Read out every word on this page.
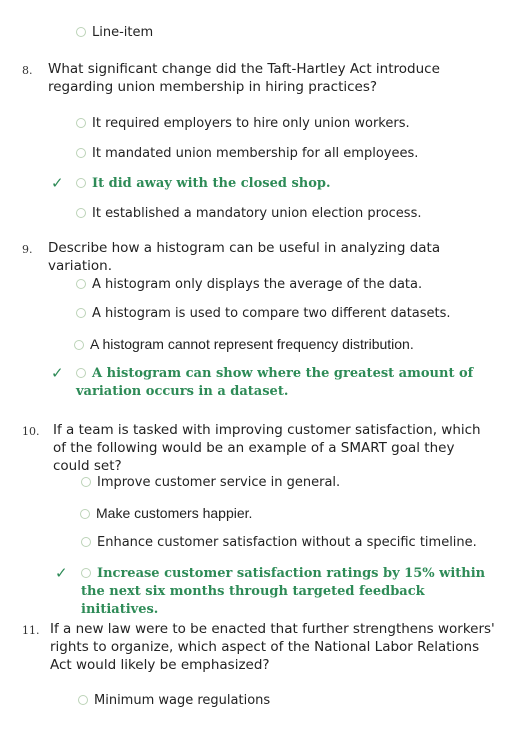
Line-item
8. What significant change did the Taft-Hartley Act introduce regarding union membership in hiring practices?
It required employers to hire only union workers.
It mandated union membership for all employees.
✓	It did away with the closed shop.
It established a mandatory union election process.
9. Describe how a histogram can be useful in analyzing data variation.
A histogram only displays the average of the data.
A histogram is used to compare two different datasets.
A histogram cannot represent frequency distribution.
✓	A histogram can show where the greatest amount of variation occurs in a dataset.
10. If a team is tasked with improving customer satisfaction, which of the following would be an example of a SMART goal they could set?
Improve customer service in general.
Make customers happier.
Enhance customer satisfaction without a specific timeline.
✓	Increase customer satisfaction ratings by 15% within the next six months through targeted feedback initiatives.
11. If a new law were to be enacted that further strengthens workers' rights to organize, which aspect of the National Labor Relations Act would likely be emphasized?
Minimum wage regulations
